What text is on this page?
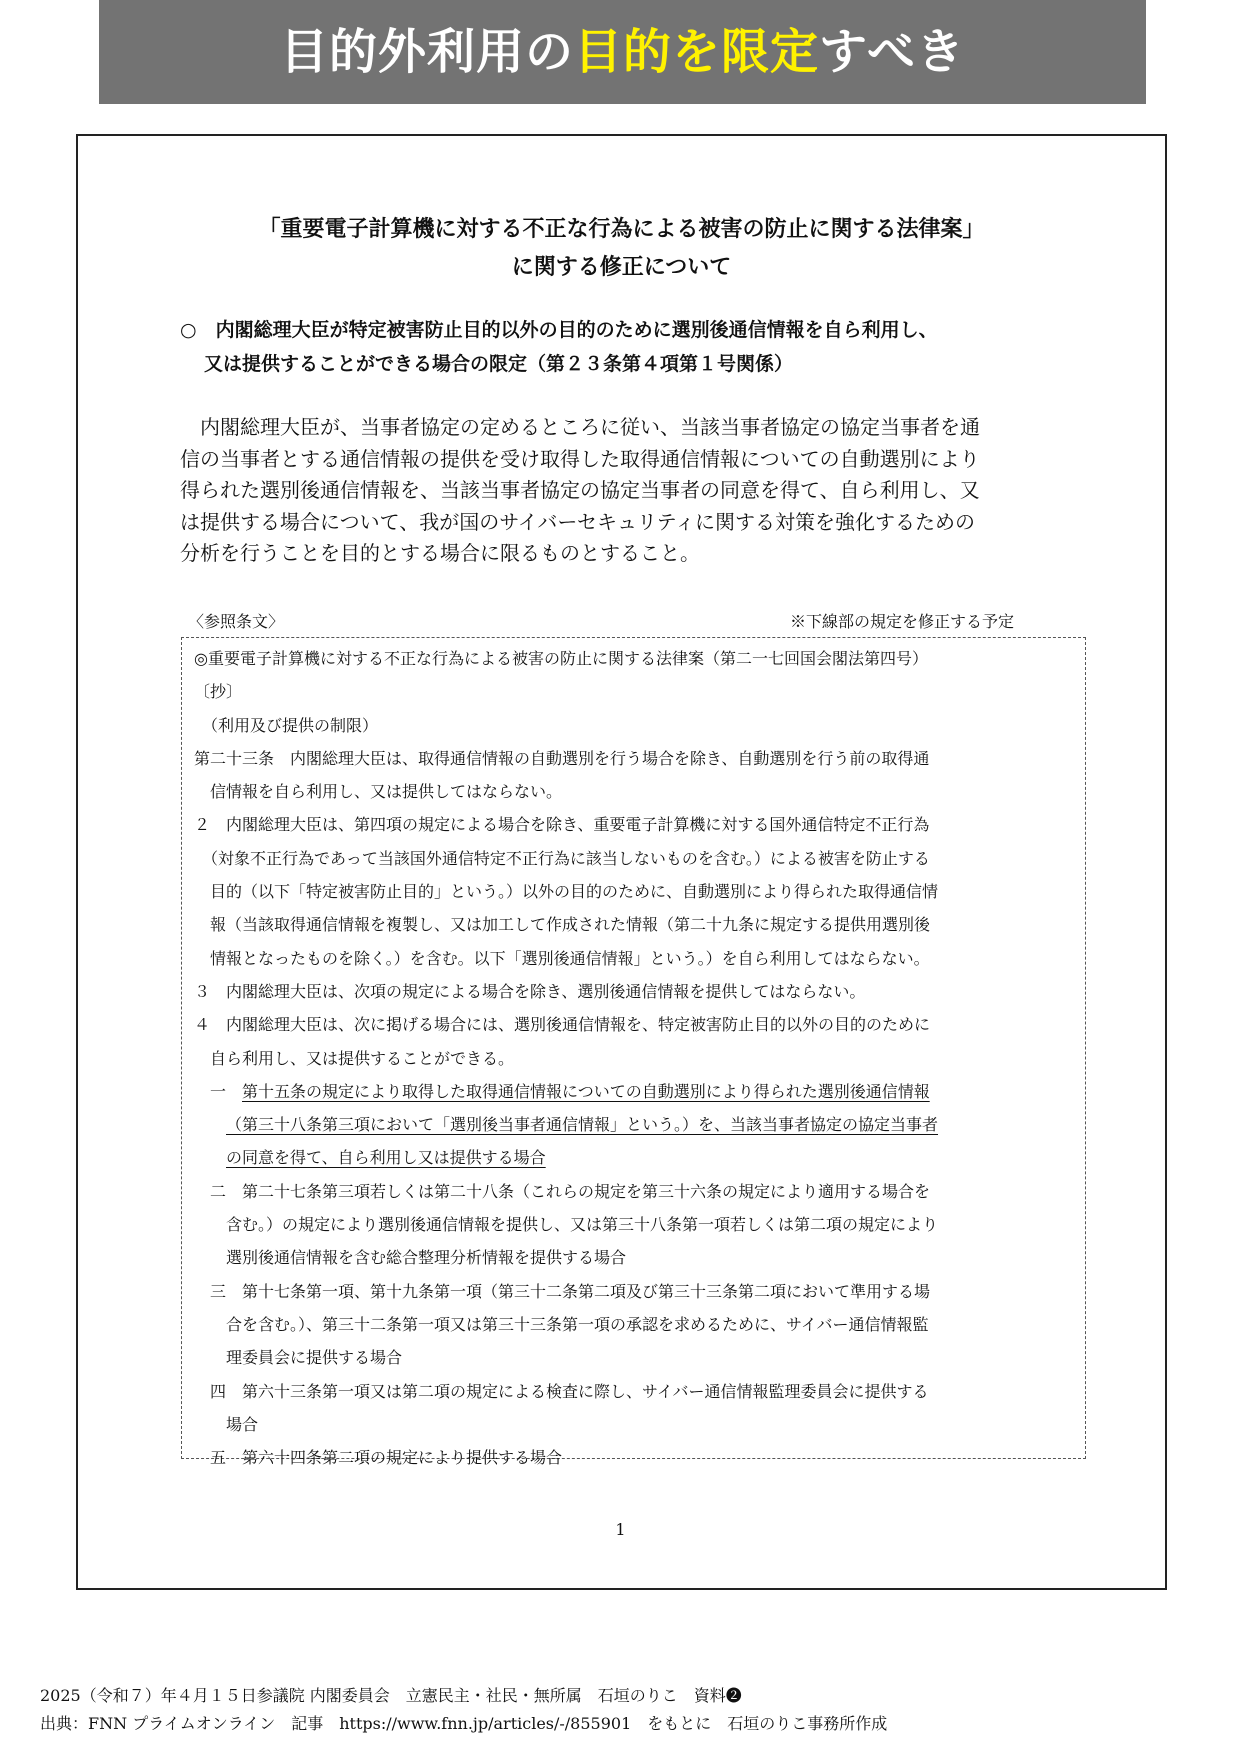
目的外利用の目的を限定すべき
「重要電子計算機に対する不正な行為による被害の防止に関する法律案」
に関する修正について
○　内閣総理大臣が特定被害防止目的以外の目的のために選別後通信情報を自ら利用し、
又は提供することができる場合の限定（第２３条第４項第１号関係）
　内閣総理大臣が、当事者協定の定めるところに従い、当該当事者協定の協定当事者を通
信の当事者とする通信情報の提供を受け取得した取得通信情報についての自動選別により
得られた選別後通信情報を、当該当事者協定の協定当事者の同意を得て、自ら利用し、又
は提供する場合について、我が国のサイバーセキュリティに関する対策を強化するための
分析を行うことを目的とする場合に限るものとすること。
〈参照条文〉	※下線部の規定を修正する予定
◎重要電子計算機に対する不正な行為による被害の防止に関する法律案（第二一七回国会閣法第四号）
〔抄〕
　（利用及び提供の制限）
第二十三条　内閣総理大臣は、取得通信情報の自動選別を行う場合を除き、自動選別を行う前の取得通
　信情報を自ら利用し、又は提供してはならない。
２　内閣総理大臣は、第四項の規定による場合を除き、重要電子計算機に対する国外通信特定不正行為
　（対象不正行為であって当該国外通信特定不正行為に該当しないものを含む。）による被害を防止する
　目的（以下「特定被害防止目的」という。）以外の目的のために、自動選別により得られた取得通信情
　報（当該取得通信情報を複製し、又は加工して作成された情報（第二十九条に規定する提供用選別後
　情報となったものを除く。）を含む。以下「選別後通信情報」という。）を自ら利用してはならない。
３　内閣総理大臣は、次項の規定による場合を除き、選別後通信情報を提供してはならない。
４　内閣総理大臣は、次に掲げる場合には、選別後通信情報を、特定被害防止目的以外の目的のために
　自ら利用し、又は提供することができる。
　一　第十五条の規定により取得した取得通信情報についての自動選別により得られた選別後通信情報
（第三十八条第三項において「選別後当事者通信情報」という。）を、当該当事者協定の協定当事者
の同意を得て、自ら利用し又は提供する場合
　二　第二十七条第三項若しくは第二十八条（これらの規定を第三十六条の規定により適用する場合を
　　含む。）の規定により選別後通信情報を提供し、又は第三十八条第一項若しくは第二項の規定により
　　選別後通信情報を含む総合整理分析情報を提供する場合
　三　第十七条第一項、第十九条第一項（第三十二条第二項及び第三十三条第二項において準用する場
　　合を含む。）、第三十二条第一項又は第三十三条第一項の承認を求めるために、サイバー通信情報監
　　理委員会に提供する場合
　四　第六十三条第一項又は第二項の規定による検査に際し、サイバー通信情報監理委員会に提供する
　　場合
　五　第六十四条第二項の規定により提供する場合
1
2025（令和７）年４月１５日参議院 内閣委員会　立憲民主・社民・無所属　石垣のりこ　資料❷
出典：FNN プライムオンライン　記事　https://www.fnn.jp/articles/-/855901　をもとに　石垣のりこ事務所作成
